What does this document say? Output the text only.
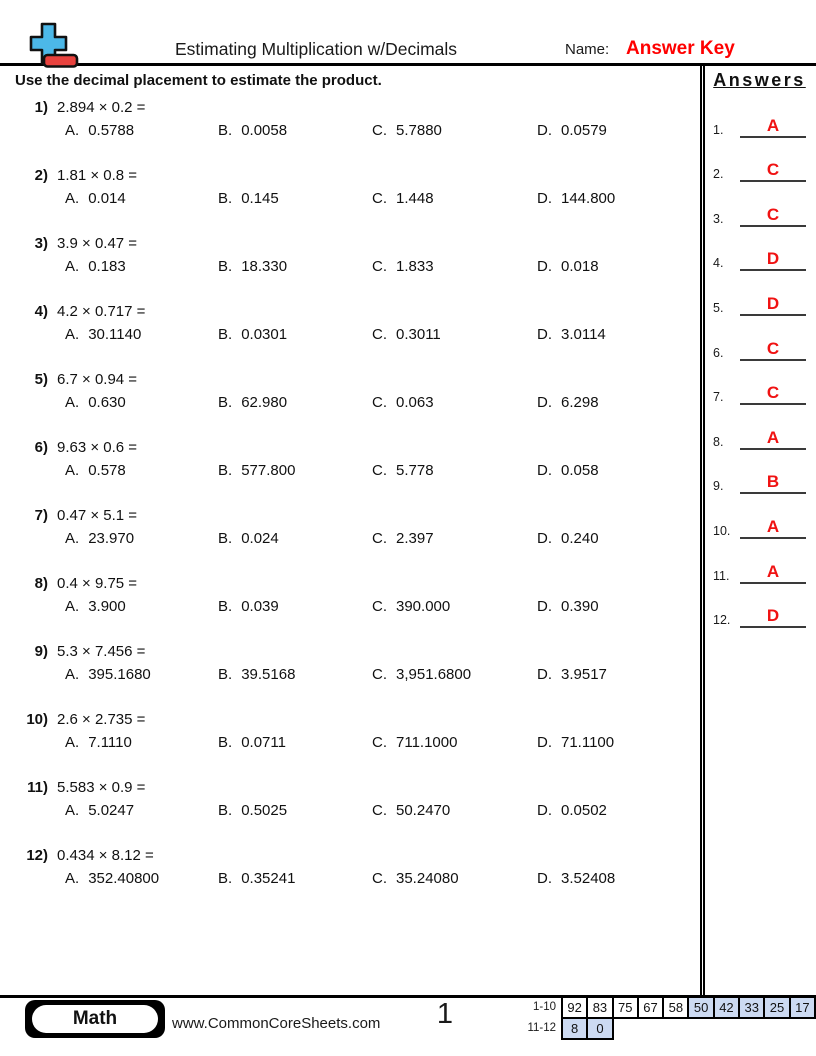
Estimating Multiplication w/Decimals	Name: Answer Key
Use the decimal placement to estimate the product.
1) 2.894 × 0.2 =
A. 0.5788	B. 0.0058	C. 5.7880	D. 0.0579
2) 1.81 × 0.8 =
A. 0.014	B. 0.145	C. 1.448	D. 144.800
3) 3.9 × 0.47 =
A. 0.183	B. 18.330	C. 1.833	D. 0.018
4) 4.2 × 0.717 =
A. 30.1140	B. 0.0301	C. 0.3011	D. 3.0114
5) 6.7 × 0.94 =
A. 0.630	B. 62.980	C. 0.063	D. 6.298
6) 9.63 × 0.6 =
A. 0.578	B. 577.800	C. 5.778	D. 0.058
7) 0.47 × 5.1 =
A. 23.970	B. 0.024	C. 2.397	D. 0.240
8) 0.4 × 9.75 =
A. 3.900	B. 0.039	C. 390.000	D. 0.390
9) 5.3 × 7.456 =
A. 395.1680	B. 39.5168	C. 3,951.6800	D. 3.9517
10) 2.6 × 2.735 =
A. 7.1110	B. 0.0711	C. 711.1000	D. 71.1100
11) 5.583 × 0.9 =
A. 5.0247	B. 0.5025	C. 50.2470	D. 0.0502
12) 0.434 × 8.12 =
A. 352.40800	B. 0.35241	C. 35.24080	D. 3.52408
Answers
1.	A
2.	C
3.	C
4.	D
5.	D
6.	C
7.	C
8.	A
9.	B
10.	A
11.	A
12.	D
Math	www.CommonCoreSheets.com	1	1-10
11-12
92	83	75	67	58	50	42	33	25	17
8	0								
